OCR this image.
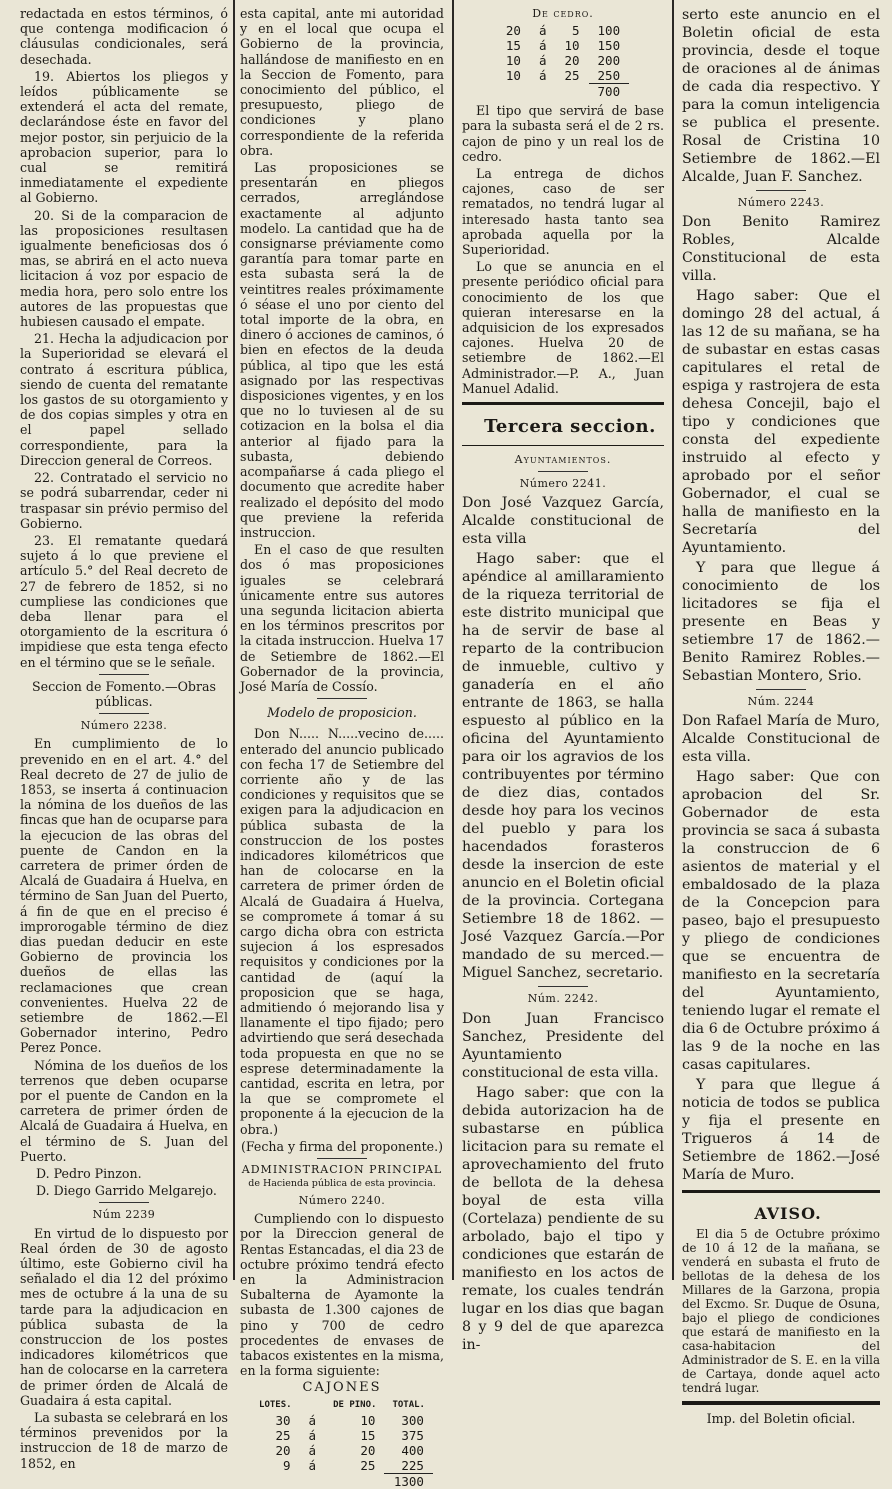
redactada en estos términos, ó que contenga modificacion ó cláusulas condicionales, será desechada.

19. Abiertos los pliegos y leídos públicamente se extenderá el acta del remate, declarándose éste en favor del mejor postor, sin perjuicio de la aprobacion superior, para lo cual se remitirá inmediatamente el expediente al Gobierno.

20. Si de la comparacion de las proposiciones resultasen igualmente beneficiosas dos ó mas, se abrirá en el acto nueva licitacion á voz por espacio de media hora, pero solo entre los autores de las propuestas que hubiesen causado el empate.

21. Hecha la adjudicacion por la Superioridad se elevará el contrato á escritura pública, siendo de cuenta del rematante los gastos de su otorgamiento y de dos copias simples y otra en el papel sellado correspondiente, para la Direccion general de Correos.

22. Contratado el servicio no se podrá subarrendar, ceder ni traspasar sin prévio permiso del Gobierno.

23. El rematante quedará sujeto á lo que previene el artículo 5.° del Real decreto de 27 de febrero de 1852, si no cumpliese las condiciones que deba llenar para el otorgamiento de la escritura ó impidiese que esta tenga efecto en el término que se le señale.

Seccion de Fomento.—Obras públicas.

Número 2238.

En cumplimiento de lo prevenido en en el art. 4.° del Real decreto de 27 de julio de 1853, se inserta á continuacion la nómina de los dueños de las fincas que han de ocuparse para la ejecucion de las obras del puente de Candon en la carretera de primer órden de Alcalá de Guadaira á Huelva, en término de San Juan del Puerto, á fin de que en el preciso é improrogable término de diez dias puedan deducir en este Gobierno de provincia los dueños de ellas las reclamaciones que crean convenientes. Huelva 22 de setiembre de 1862.—El Gobernador interino, Pedro Perez Ponce.

Nómina de los dueños de los terrenos que deben ocuparse por el puente de Candon en la carretera de primer órden de Alcalá de Guadaira á Huelva, en el término de S. Juan del Puerto.

D. Pedro Pinzon.

D. Diego Garrido Melgarejo.

Núm 2239

En virtud de lo dispuesto por Real órden de 30 de agosto último, este Gobierno civil ha señalado el dia 12 del próximo mes de octubre á la una de su tarde para la adjudicacion en pública subasta de la construccion de los postes indicadores kilométricos que han de colocarse en la carretera de primer órden de Alcalá de Guadaira á esta capital.

La subasta se celebrará en los términos prevenidos por la instruccion de 18 de marzo de 1852, en

esta capital, ante mi autoridad y en el local que ocupa el Gobierno de la provincia, hallándose de manifiesto en en la Seccion de Fomento, para conocimiento del público, el presupuesto, pliego de condiciones y plano correspondiente de la referida obra.

Las proposiciones se presentarán en pliegos cerrados, arreglándose exactamente al adjunto modelo. La cantidad que ha de consignarse préviamente como garantía para tomar parte en esta subasta será la de veintitres reales próximamente ó séase el uno por ciento del total importe de la obra, en dinero ó acciones de caminos, ó bien en efectos de la deuda pública, al tipo que les está asignado por las respectivas disposiciones vigentes, y en los que no lo tuviesen al de su cotizacion en la bolsa el dia anterior al fijado para la subasta, debiendo acompañarse á cada pliego el documento que acredite haber realizado el depósito del modo que previene la referida instruccion.

En el caso de que resulten dos ó mas proposiciones iguales se celebrará únicamente entre sus autores una segunda licitacion abierta en los términos prescritos por la citada instruccion. Huelva 17 de Setiembre de 1862.—El Gobernador de la provincia, José María de Cossío.

Modelo de proposicion.

Don N..... N.....vecino de..... enterado del anuncio publicado con fecha 17 de Setiembre del corriente año y de las condiciones y requisitos que se exigen para la adjudicacion en pública subasta de la construccion de los postes indicadores kilométricos que han de colocarse en la carretera de primer órden de Alcalá de Guadaira á Huelva, se compromete á tomar á su cargo dicha obra con estricta sujecion á los espresados requisitos y condiciones por la cantidad de (aquí la proposicion que se haga, admitiendo ó mejorando lisa y llanamente el tipo fijado; pero advirtiendo que será desechada toda propuesta en que no se esprese determinadamente la cantidad, escrita en letra, por la que se compromete el proponente á la ejecucion de la obra.)

(Fecha y firma del proponente.)

ADMINISTRACION PRINCIPAL

de Hacienda pública de esta provincia.

Número 2240.

Cumpliendo con lo dispuesto por la Direccion general de Rentas Estancadas, el dia 23 de octubre próximo tendrá efecto en la Administracion Subalterna de Ayamonte la subasta de 1.300 cajones de pino y 700 de cedro procedentes de envases de tabacos existentes en la misma, en la forma siguiente:

CAJONES

LOTES.		DE PINO.	TOTAL.
30	á	10	300
25	á	15	375
20	á	20	400
9	á	25	225
			1300

De cedro.

20	á	5	100
15	á	10	150
10	á	20	200
10	á	25	250
			700

El tipo que servirá de base para la subasta será el de 2 rs. cajon de pino y un real los de cedro.

La entrega de dichos cajones, caso de ser rematados, no tendrá lugar al interesado hasta tanto sea aprobada aquella por la Superioridad.

Lo que se anuncia en el presente periódico oficial para conocimiento de los que quieran interesarse en la adquisicion de los expresados cajones. Huelva 20 de setiembre de 1862.—El Administrador.—P. A., Juan Manuel Adalid.

Tercera seccion.

Ayuntamientos.

Número 2241.

Don José Vazquez García, Alcalde constitucional de esta villa

Hago saber: que el apéndice al amillaramiento de la riqueza territorial de este distrito municipal que ha de servir de base al reparto de la contribucion de inmueble, cultivo y ganadería en el año entrante de 1863, se halla espuesto al público en la oficina del Ayuntamiento para oir los agravios de los contribuyentes por término de diez dias, contados desde hoy para los vecinos del pueblo y para los hacendados forasteros desde la insercion de este anuncio en el Boletin oficial de la provincia. Cortegana Setiembre 18 de 1862. —José Vazquez García.—Por mandado de su merced.—Miguel Sanchez, secretario.

Núm. 2242.

Don Juan Francisco Sanchez, Presidente del Ayuntamiento constitucional de esta villa.

Hago saber: que con la debida autorizacion ha de subastarse en pública licitacion para su remate el aprovechamiento del fruto de bellota de la dehesa boyal de esta villa (Cortelaza) pendiente de su arbolado, bajo el tipo y condiciones que estarán de manifiesto en los actos de remate, los cuales tendrán lugar en los dias que bagan 8 y 9 del de que aparezca in-

serto este anuncio en el Boletin oficial de esta provincia, desde el toque de oraciones al de ánimas de cada dia respectivo. Y para la comun inteligencia se publica el presente. Rosal de Cristina 10 Setiembre de 1862.—El Alcalde, Juan F. Sanchez.

Número 2243.

Don Benito Ramirez Robles, Alcalde Constitucional de esta villa.

Hago saber: Que el domingo 28 del actual, á las 12 de su mañana, se ha de subastar en estas casas capitulares el retal de espiga y rastrojera de esta dehesa Concejil, bajo el tipo y condiciones que consta del expediente instruido al efecto y aprobado por el señor Gobernador, el cual se halla de manifiesto en la Secretaría del Ayuntamiento.

Y para que llegue á conocimiento de los licitadores se fija el presente en Beas y setiembre 17 de 1862.—Benito Ramirez Robles.—Sebastian Montero, Srio.

Núm. 2244

Don Rafael María de Muro, Alcalde Constitucional de esta villa.

Hago saber: Que con aprobacion del Sr. Gobernador de esta provincia se saca á subasta la construccion de 6 asientos de material y el embaldosado de la plaza de la Concepcion para paseo, bajo el presupuesto y pliego de condiciones que se encuentra de manifiesto en la secretaría del Ayuntamiento, teniendo lugar el remate el dia 6 de Octubre próximo á las 9 de la noche en las casas capitulares.

Y para que llegue á noticia de todos se publica y fija el presente en Trigueros á 14 de Setiembre de 1862.—José María de Muro.

AVISO.

El dia 5 de Octubre próximo de 10 á 12 de la mañana, se venderá en subasta el fruto de bellotas de la dehesa de los Millares de la Garzona, propia del Excmo. Sr. Duque de Osuna, bajo el pliego de condiciones que estará de manifiesto en la casa-habitacion del Administrador de S. E. en la villa de Cartaya, donde aquel acto tendrá lugar.

Imp. del Boletin oficial.
